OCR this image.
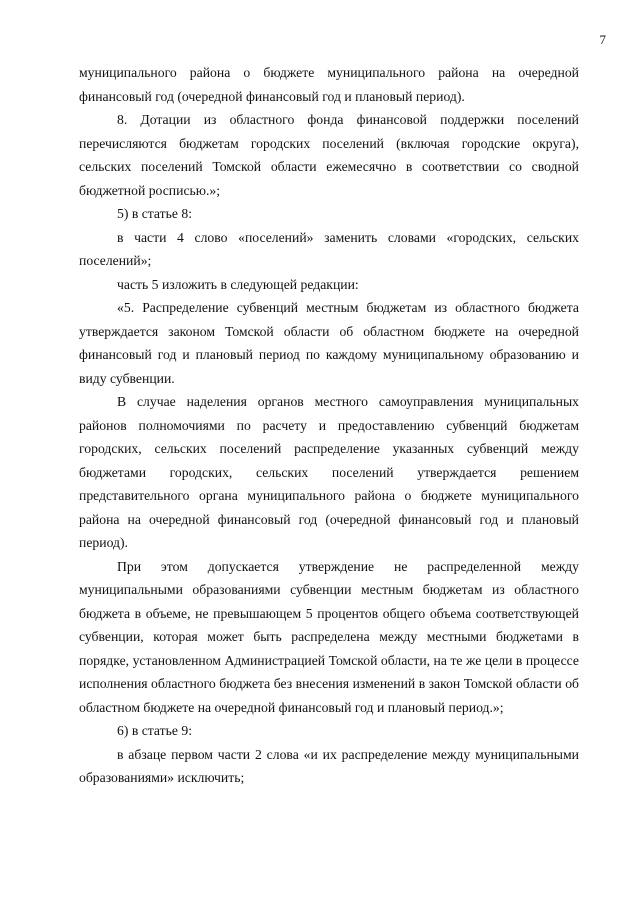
7

муниципального района о бюджете муниципального района на очередной финансовый год (очередной финансовый год и плановый период).

8. Дотации из областного фонда финансовой поддержки поселений перечисляются бюджетам городских поселений (включая городские округа), сельских поселений Томской области ежемесячно в соответствии со сводной бюджетной росписью.»;

5) в статье 8:

в части 4 слово «поселений» заменить словами «городских, сельских поселений»;

часть 5 изложить в следующей редакции:

«5. Распределение субвенций местным бюджетам из областного бюджета утверждается законом Томской области об областном бюджете на очередной финансовый год и плановый период по каждому муниципальному образованию и виду субвенции.

В случае наделения органов местного самоуправления муниципальных районов полномочиями по расчету и предоставлению субвенций бюджетам городских, сельских поселений распределение указанных субвенций между бюджетами городских, сельских поселений утверждается решением представительного органа муниципального района о бюджете муниципального района на очередной финансовый год (очередной финансовый год и плановый период).

При этом допускается утверждение не распределенной между муниципальными образованиями субвенции местным бюджетам из областного бюджета в объеме, не превышающем 5 процентов общего объема соответствующей субвенции, которая может быть распределена между местными бюджетами в порядке, установленном Администрацией Томской области, на те же цели в процессе исполнения областного бюджета без внесения изменений в закон Томской области об областном бюджете на очередной финансовый год и плановый период.»;

6) в статье 9:

в абзаце первом части 2 слова «и их распределение между муниципальными образованиями» исключить;
